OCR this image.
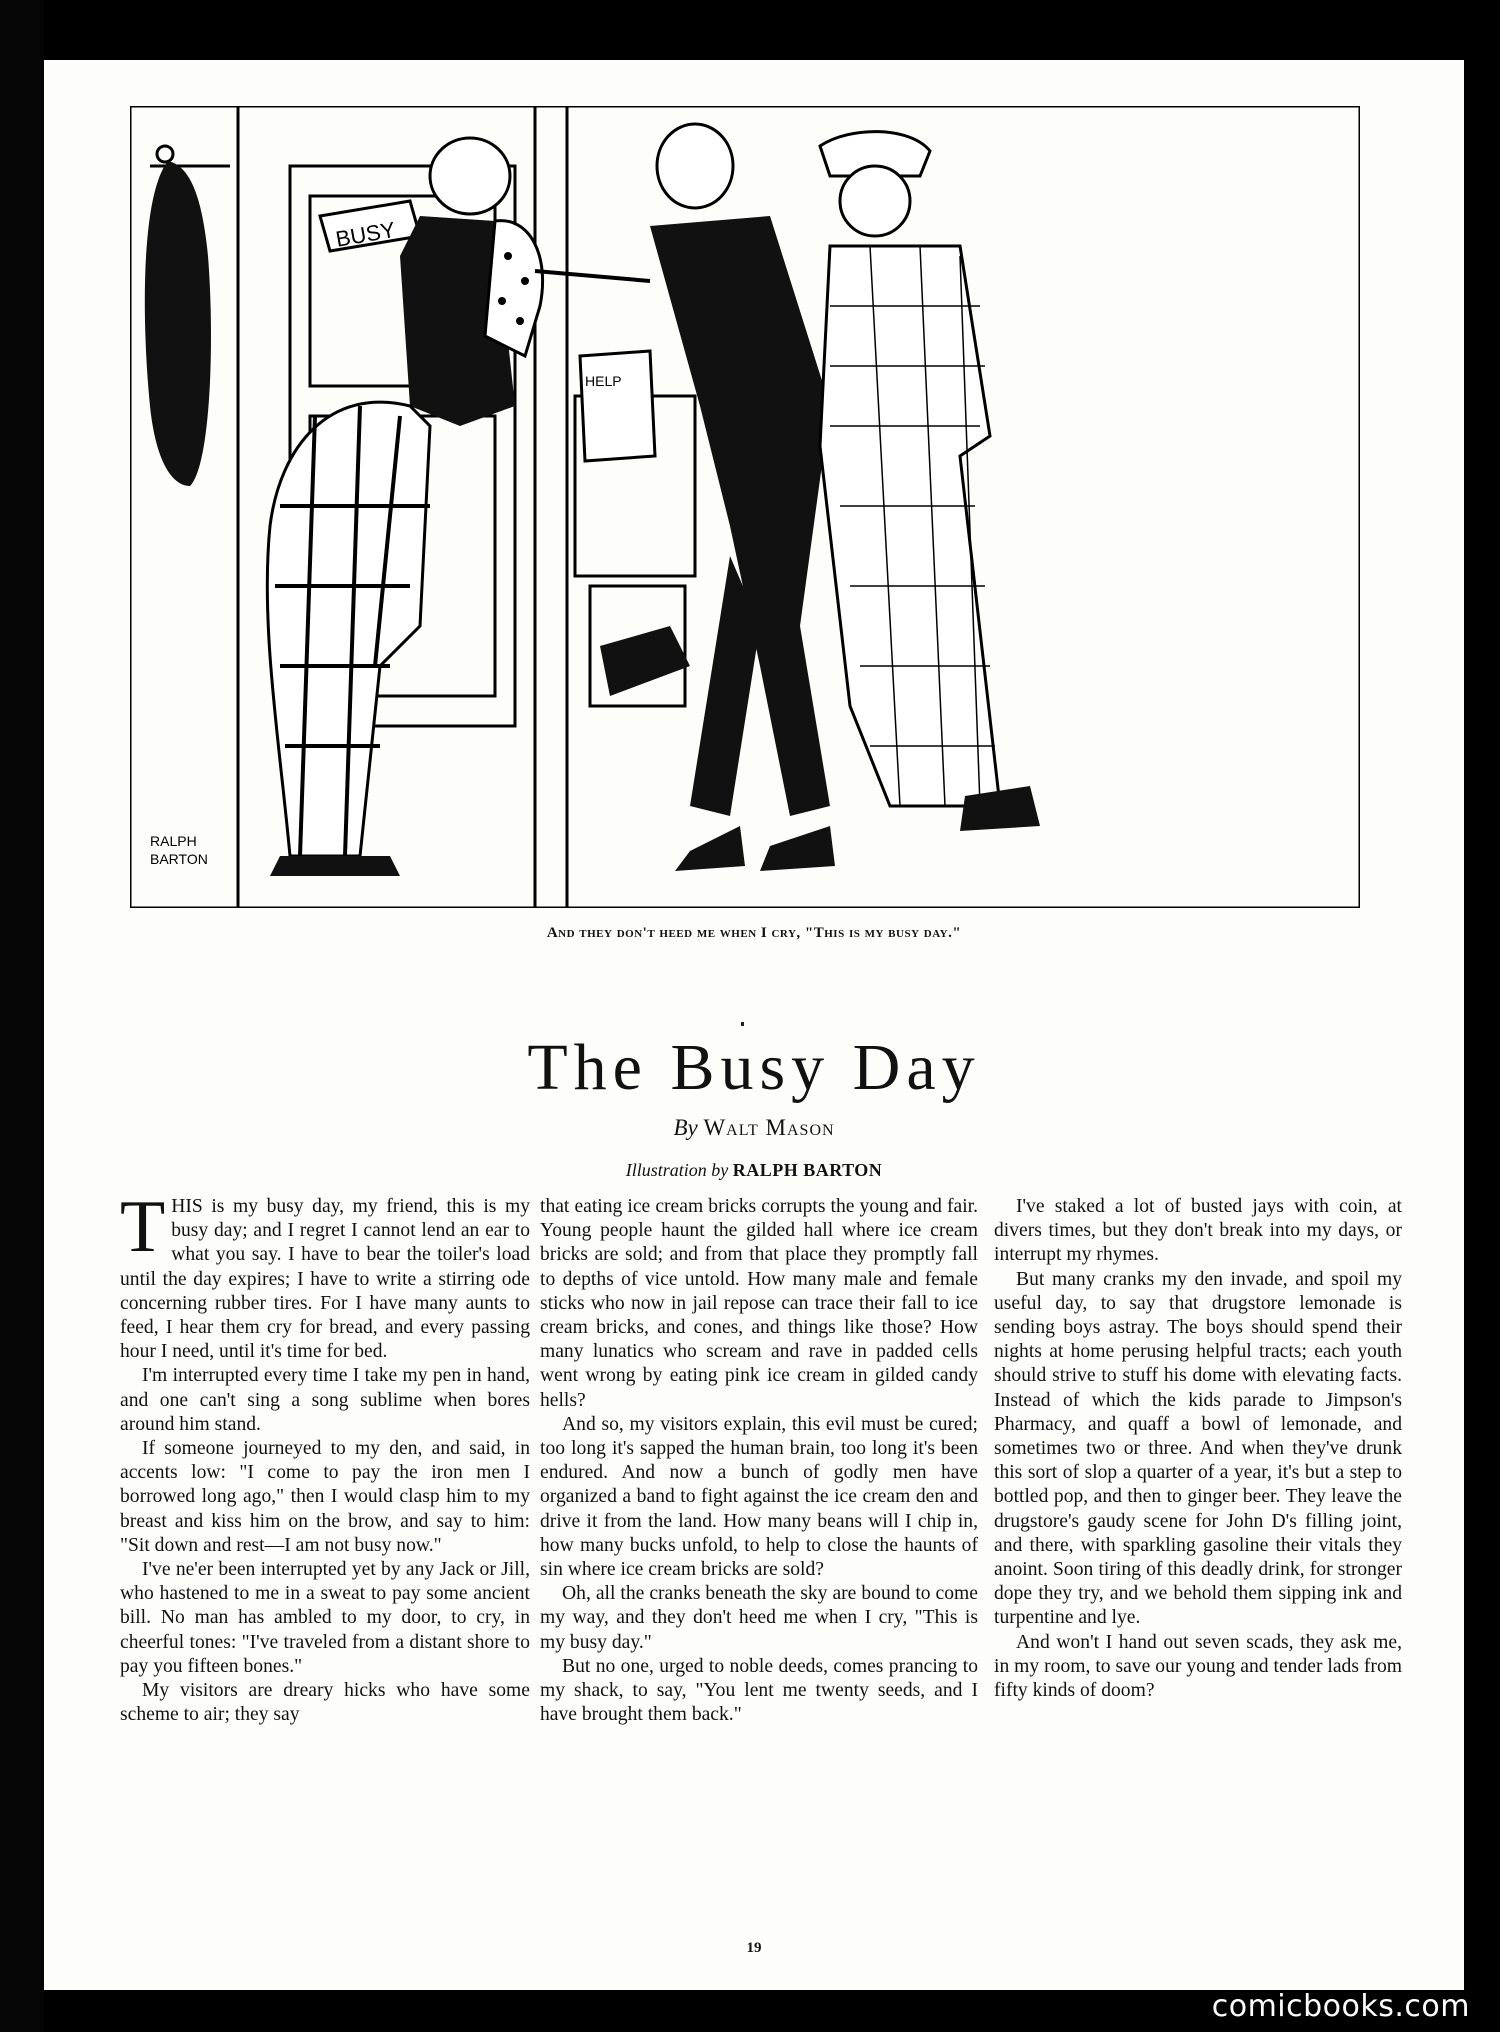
BUSY
RALPH
BARTON
HELP
And they don't heed me when I cry, "This is my busy day."
The Busy Day
By Walt Mason
Illustration by RALPH BARTON

THIS is my busy day, my friend, this is my busy day; and I regret I cannot lend an ear to what you say. I have to bear the toiler's load until the day expires; I have to write a stirring ode concerning rubber tires. For I have many aunts to feed, I hear them cry for bread, and every passing hour I need, until it's time for bed.

I'm interrupted every time I take my pen in hand, and one can't sing a song sublime when bores around him stand.

If someone journeyed to my den, and said, in accents low: "I come to pay the iron men I borrowed long ago," then I would clasp him to my breast and kiss him on the brow, and say to him: "Sit down and rest—I am not busy now."

I've ne'er been interrupted yet by any Jack or Jill, who hastened to me in a sweat to pay some ancient bill. No man has ambled to my door, to cry, in cheerful tones: "I've traveled from a distant shore to pay you fifteen bones."

My visitors are dreary hicks who have some scheme to air; they say

that eating ice cream bricks corrupts the young and fair. Young people haunt the gilded hall where ice cream bricks are sold; and from that place they promptly fall to depths of vice untold. How many male and female sticks who now in jail repose can trace their fall to ice cream bricks, and cones, and things like those? How many lunatics who scream and rave in padded cells went wrong by eating pink ice cream in gilded candy hells?

And so, my visitors explain, this evil must be cured; too long it's sapped the human brain, too long it's been endured. And now a bunch of godly men have organized a band to fight against the ice cream den and drive it from the land. How many beans will I chip in, how many bucks unfold, to help to close the haunts of sin where ice cream bricks are sold?

Oh, all the cranks beneath the sky are bound to come my way, and they don't heed me when I cry, "This is my busy day."

But no one, urged to noble deeds, comes prancing to my shack, to say, "You lent me twenty seeds, and I have brought them back."

I've staked a lot of busted jays with coin, at divers times, but they don't break into my days, or interrupt my rhymes.

But many cranks my den invade, and spoil my useful day, to say that drugstore lemonade is sending boys astray. The boys should spend their nights at home perusing helpful tracts; each youth should strive to stuff his dome with elevating facts. Instead of which the kids parade to Jimpson's Pharmacy, and quaff a bowl of lemonade, and sometimes two or three. And when they've drunk this sort of slop a quarter of a year, it's but a step to bottled pop, and then to ginger beer. They leave the drugstore's gaudy scene for John D's filling joint, and there, with sparkling gasoline their vitals they anoint. Soon tiring of this deadly drink, for stronger dope they try, and we behold them sipping ink and turpentine and lye.

And won't I hand out seven scads, they ask me, in my room, to save our young and tender lads from fifty kinds of doom?

19
comicbooks.com
